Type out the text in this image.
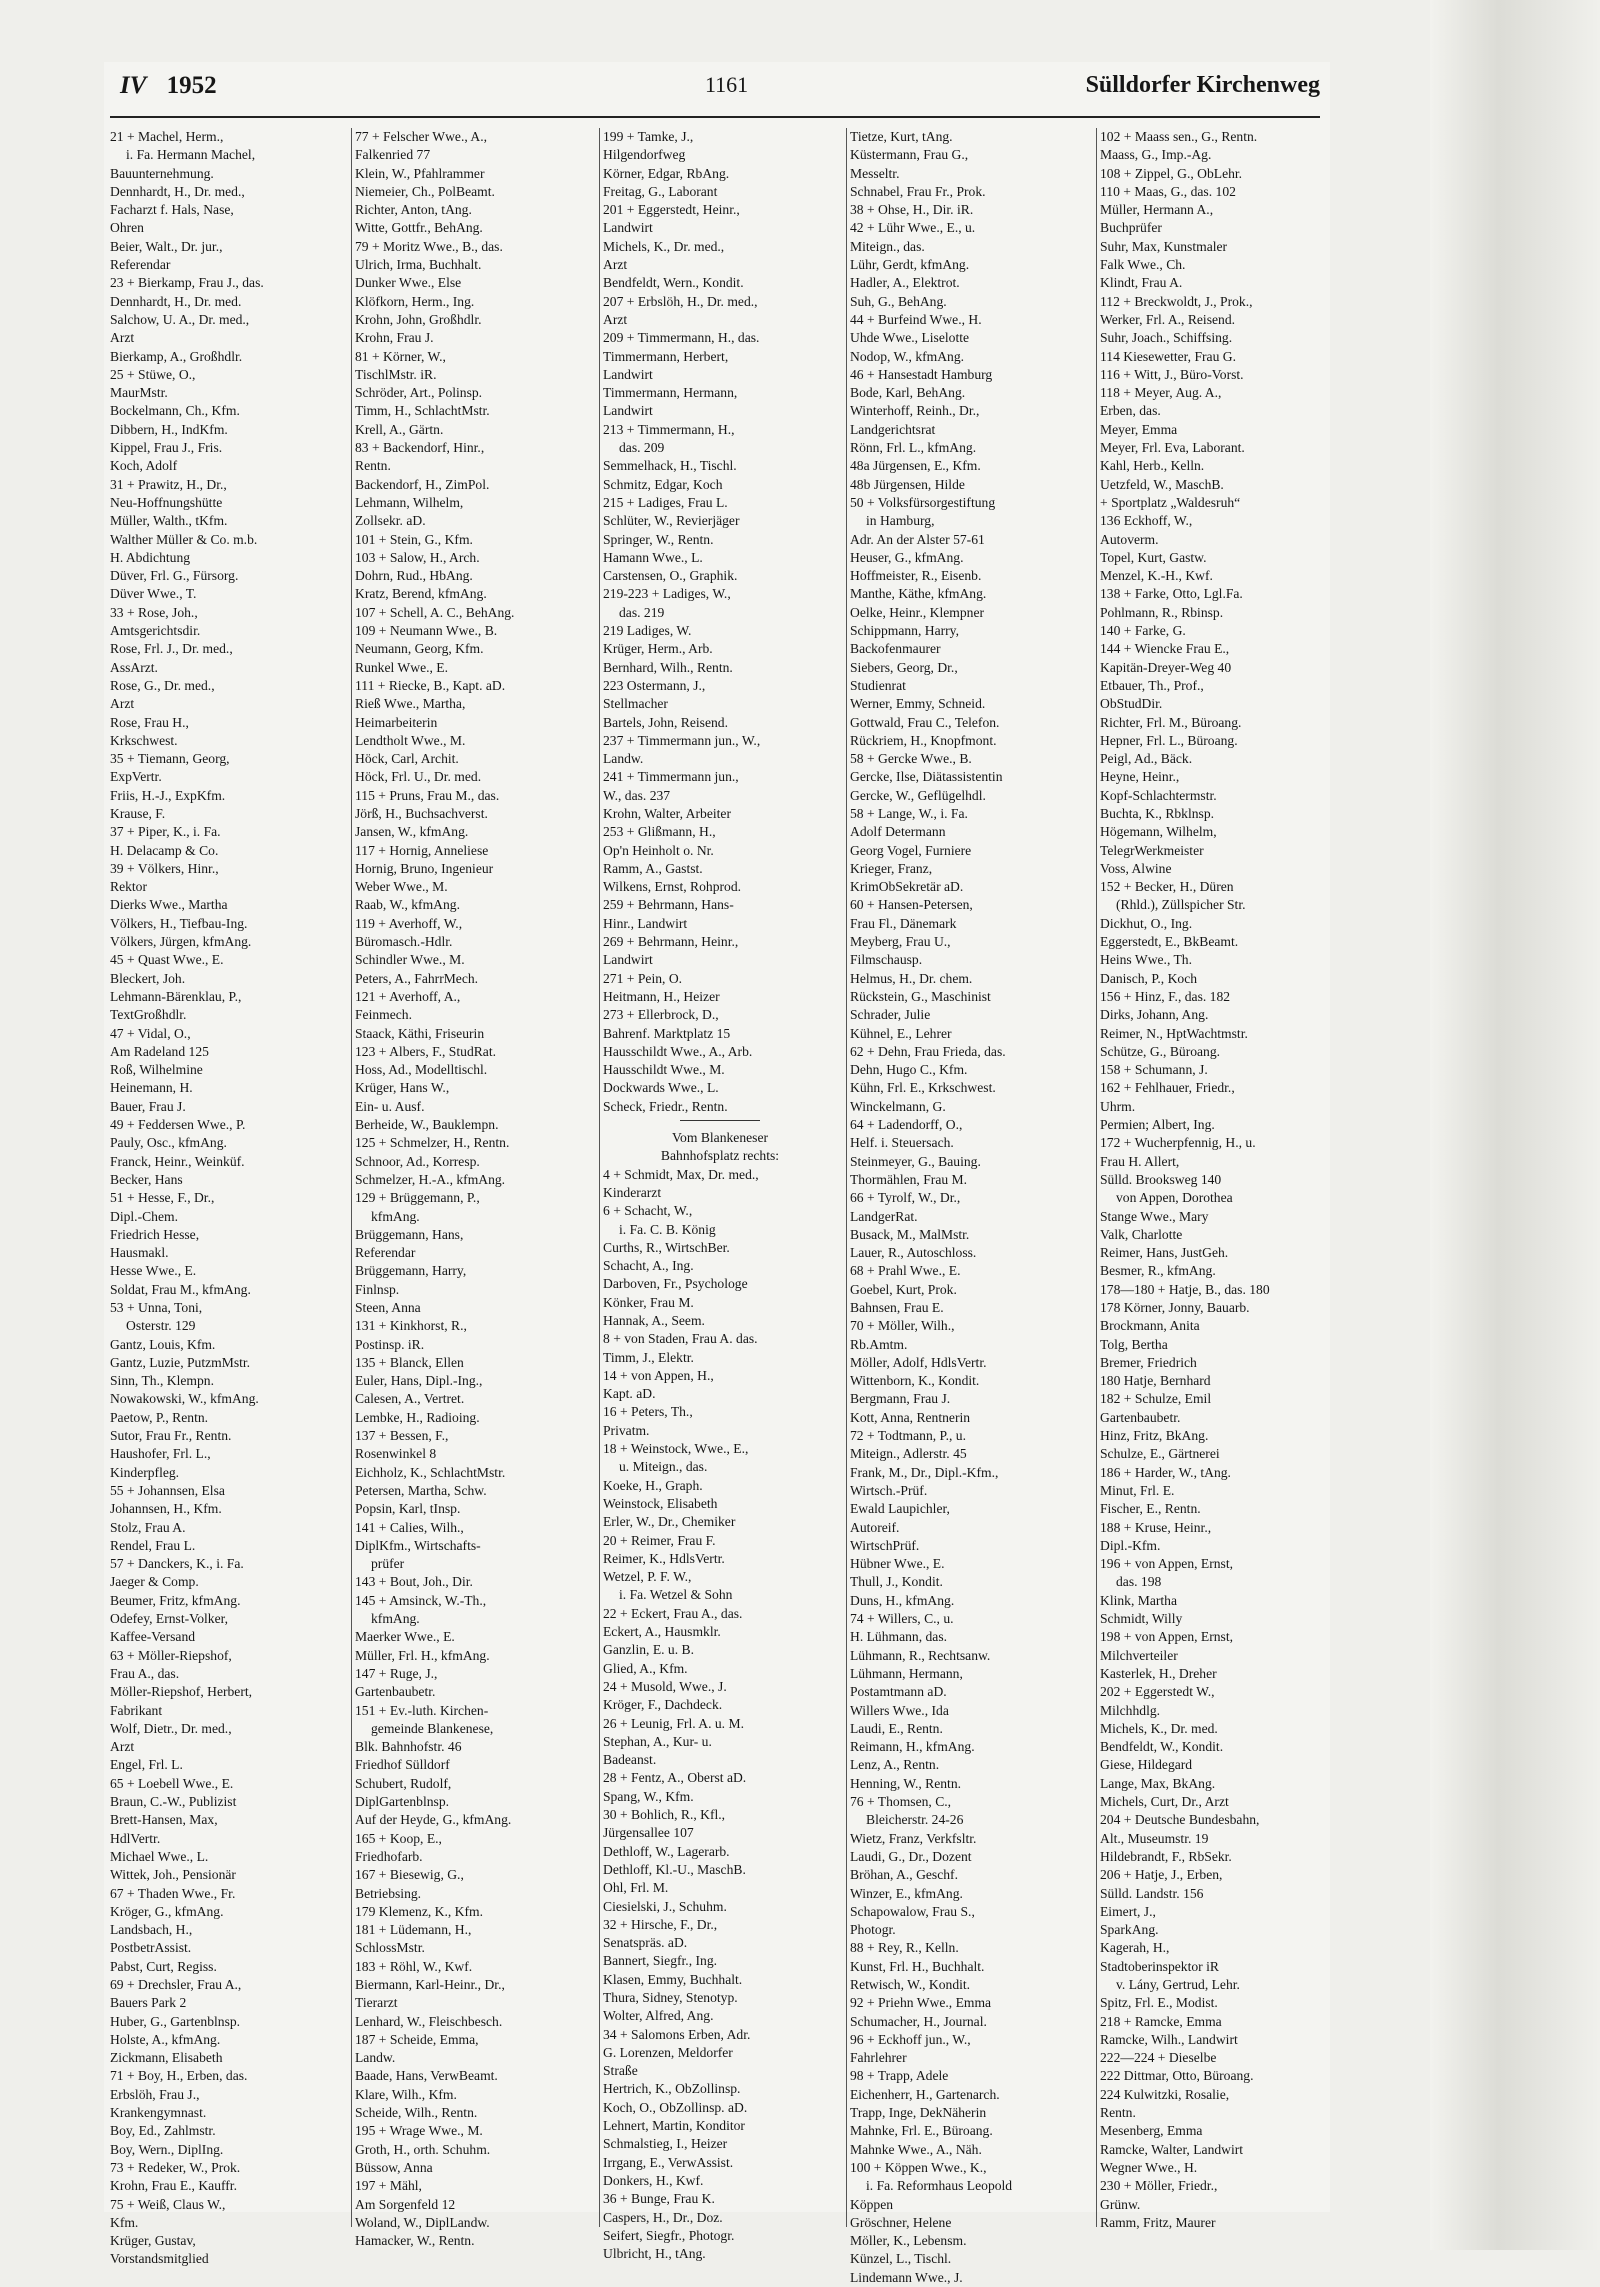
IV 1952	1161	Sülldorfer Kirchenweg
21 + Machel, Herm.,
i. Fa. Hermann Machel,
Bauunternehmung.
Dennhardt, H., Dr. med.,
Facharzt f. Hals, Nase,
Ohren
Beier, Walt., Dr. jur.,
Referendar
23 + Bierkamp, Frau J., das.
Dennhardt, H., Dr. med.
Salchow, U. A., Dr. med.,
Arzt
Bierkamp, A., Großhdlr.
25 + Stüwe, O.,
MaurMstr.
Bockelmann, Ch., Kfm.
Dibbern, H., IndKfm.
Kippel, Frau J., Fris.
Koch, Adolf
31 + Prawitz, H., Dr.,
Neu-Hoffnungshütte
Müller, Walth., tKfm.
Walther Müller & Co. m.b.
H. Abdichtung
Düver, Frl. G., Fürsorg.
Düver Wwe., T.
33 + Rose, Joh.,
Amtsgerichtsdir.
Rose, Frl. J., Dr. med.,
AssArzt.
Rose, G., Dr. med.,
Arzt
Rose, Frau H.,
Krkschwest.
35 + Tiemann, Georg,
ExpVertr.
Friis, H.-J., ExpKfm.
Krause, F.
37 + Piper, K., i. Fa.
H. Delacamp & Co.
39 + Völkers, Hinr.,
Rektor
Dierks Wwe., Martha
Völkers, H., Tiefbau-Ing.
Völkers, Jürgen, kfmAng.
45 + Quast Wwe., E.
Bleckert, Joh.
Lehmann-Bärenklau, P.,
TextGroßhdlr.
47 + Vidal, O.,
Am Radeland 125
Roß, Wilhelmine
Heinemann, H.
Bauer, Frau J.
49 + Feddersen Wwe., P.
Pauly, Osc., kfmAng.
Franck, Heinr., Weinküf.
Becker, Hans
51 + Hesse, F., Dr.,
Dipl.-Chem.
Friedrich Hesse,
Hausmakl.
Hesse Wwe., E.
Soldat, Frau M., kfmAng.
53 + Unna, Toni,
Osterstr. 129
Gantz, Louis, Kfm.
Gantz, Luzie, PutzmMstr.
Sinn, Th., Klempn.
Nowakowski, W., kfmAng.
Paetow, P., Rentn.
Sutor, Frau Fr., Rentn.
Haushofer, Frl. L.,
Kinderpfleg.
55 + Johannsen, Elsa
Johannsen, H., Kfm.
Stolz, Frau A.
Rendel, Frau L.
57 + Danckers, K., i. Fa.
Jaeger & Comp.
Beumer, Fritz, kfmAng.
Odefey, Ernst-Volker,
Kaffee-Versand
63 + Möller-Riepshof,
Frau A., das.
Möller-Riepshof, Herbert,
Fabrikant
Wolf, Dietr., Dr. med.,
Arzt
Engel, Frl. L.
65 + Loebell Wwe., E.
Braun, C.-W., Publizist
Brett-Hansen, Max,
HdlVertr.
Michael Wwe., L.
Wittek, Joh., Pensionär
67 + Thaden Wwe., Fr.
Kröger, G., kfmAng.
Landsbach, H.,
PostbetrAssist.
Pabst, Curt, Regiss.
69 + Drechsler, Frau A.,
Bauers Park 2
Huber, G., Gartenblnsp.
Holste, A., kfmAng.
Zickmann, Elisabeth
71 + Boy, H., Erben, das.
Erbslöh, Frau J.,
Krankengymnast.
Boy, Ed., Zahlmstr.
Boy, Wern., DiplIng.
73 + Redeker, W., Prok.
Krohn, Frau E., Kauffr.
75 + Weiß, Claus W.,
Kfm.
Krüger, Gustav,
Vorstandsmitglied
77 + Felscher Wwe., A.,
Falkenried 77
Klein, W., Pfahlrammer
Niemeier, Ch., PolBeamt.
Richter, Anton, tAng.
Witte, Gottfr., BehAng.
79 + Moritz Wwe., B., das.
Ulrich, Irma, Buchhalt.
Dunker Wwe., Else
Klöfkorn, Herm., Ing.
Krohn, John, Großhdlr.
Krohn, Frau J.
81 + Körner, W.,
TischlMstr. iR.
Schröder, Art., Polinsp.
Timm, H., SchlachtMstr.
Krell, A., Gärtn.
83 + Backendorf, Hinr.,
Rentn.
Backendorf, H., ZimPol.
Lehmann, Wilhelm,
Zollsekr. aD.
101 + Stein, G., Kfm.
103 + Salow, H., Arch.
Dohrn, Rud., HbAng.
Kratz, Berend, kfmAng.
107 + Schell, A. C., BehAng.
109 + Neumann Wwe., B.
Neumann, Georg, Kfm.
Runkel Wwe., E.
111 + Riecke, B., Kapt. aD.
Rieß Wwe., Martha,
Heimarbeiterin
Lendtholt Wwe., M.
Höck, Carl, Archit.
Höck, Frl. U., Dr. med.
115 + Pruns, Frau M., das.
Jörß, H., Buchsachverst.
Jansen, W., kfmAng.
117 + Hornig, Anneliese
Hornig, Bruno, Ingenieur
Weber Wwe., M.
Raab, W., kfmAng.
119 + Averhoff, W.,
Büromasch.-Hdlr.
Schindler Wwe., M.
Peters, A., FahrrMech.
121 + Averhoff, A.,
Feinmech.
Staack, Käthi, Friseurin
123 + Albers, F., StudRat.
Hoss, Ad., Modelltischl.
Krüger, Hans W.,
Ein- u. Ausf.
Berheide, W., Bauklempn.
125 + Schmelzer, H., Rentn.
Schnoor, Ad., Korresp.
Schmelzer, H.-A., kfmAng.
129 + Brüggemann, P.,
kfmAng.
Brüggemann, Hans,
Referendar
Brüggemann, Harry,
Finlnsp.
Steen, Anna
131 + Kinkhorst, R.,
Postinsp. iR.
135 + Blanck, Ellen
Euler, Hans, Dipl.-Ing.,
Calesen, A., Vertret.
Lembke, H., Radioing.
137 + Bessen, F.,
Rosenwinkel 8
Eichholz, K., SchlachtMstr.
Petersen, Martha, Schw.
Popsin, Karl, tInsp.
141 + Calies, Wilh.,
DiplKfm., Wirtschafts-
prüfer
143 + Bout, Joh., Dir.
145 + Amsinck, W.-Th.,
kfmAng.
Maerker Wwe., E.
Müller, Frl. H., kfmAng.
147 + Ruge, J.,
Gartenbaubetr.
151 + Ev.-luth. Kirchen-
gemeinde Blankenese,
Blk. Bahnhofstr. 46
Friedhof Sülldorf
Schubert, Rudolf,
DiplGartenblnsp.
Auf der Heyde, G., kfmAng.
165 + Koop, E.,
Friedhofarb.
167 + Biesewig, G.,
Betriebsing.
179 Klemenz, K., Kfm.
181 + Lüdemann, H.,
SchlossMstr.
183 + Röhl, W., Kwf.
Biermann, Karl-Heinr., Dr.,
Tierarzt
Lenhard, W., Fleischbesch.
187 + Scheide, Emma,
Landw.
Baade, Hans, VerwBeamt.
Klare, Wilh., Kfm.
Scheide, Wilh., Rentn.
195 + Wrage Wwe., M.
Groth, H., orth. Schuhm.
Büssow, Anna
197 + Mähl,
Am Sorgenfeld 12
Woland, W., DiplLandw.
Hamacker, W., Rentn.
199 + Tamke, J.,
Hilgendorfweg
Körner, Edgar, RbAng.
Freitag, G., Laborant
201 + Eggerstedt, Heinr.,
Landwirt
Michels, K., Dr. med.,
Arzt
Bendfeldt, Wern., Kondit.
207 + Erbslöh, H., Dr. med.,
Arzt
209 + Timmermann, H., das.
Timmermann, Herbert,
Landwirt
Timmermann, Hermann,
Landwirt
213 + Timmermann, H.,
das. 209
Semmelhack, H., Tischl.
Schmitz, Edgar, Koch
215 + Ladiges, Frau L.
Schlüter, W., Revierjäger
Springer, W., Rentn.
Hamann Wwe., L.
Carstensen, O., Graphik.
219-223 + Ladiges, W.,
das. 219
219 Ladiges, W.
Krüger, Herm., Arb.
Bernhard, Wilh., Rentn.
223 Ostermann, J.,
Stellmacher
Bartels, John, Reisend.
237 + Timmermann jun., W.,
Landw.
241 + Timmermann jun.,
W., das. 237
Krohn, Walter, Arbeiter
253 + Glißmann, H.,
Op'n Heinholt o. Nr.
Ramm, A., Gastst.
Wilkens, Ernst, Rohprod.
259 + Behrmann, Hans-
Hinr., Landwirt
269 + Behrmann, Heinr.,
Landwirt
271 + Pein, O.
Heitmann, H., Heizer
273 + Ellerbrock, D.,
Bahrenf. Marktplatz 15
Hausschildt Wwe., A., Arb.
Hausschildt Wwe., M.
Dockwards Wwe., L.
Scheck, Friedr., Rentn.
Vom Blankeneser
Bahnhofsplatz rechts:
4 + Schmidt, Max, Dr. med.,
Kinderarzt
6 + Schacht, W.,
i. Fa. C. B. König
Curths, R., WirtschBer.
Schacht, A., Ing.
Darboven, Fr., Psychologe
Könker, Frau M.
Hannak, A., Seem.
8 + von Staden, Frau A. das.
Timm, J., Elektr.
14 + von Appen, H.,
Kapt. aD.
16 + Peters, Th.,
Privatm.
18 + Weinstock, Wwe., E.,
u. Miteign., das.
Koeke, H., Graph.
Weinstock, Elisabeth
Erler, W., Dr., Chemiker
20 + Reimer, Frau F.
Reimer, K., HdlsVertr.
Wetzel, P. F. W.,
i. Fa. Wetzel & Sohn
22 + Eckert, Frau A., das.
Eckert, A., Hausmklr.
Ganzlin, E. u. B.
Glied, A., Kfm.
24 + Musold, Wwe., J.
Kröger, F., Dachdeck.
26 + Leunig, Frl. A. u. M.
Stephan, A., Kur- u.
Badeanst.
28 + Fentz, A., Oberst aD.
Spang, W., Kfm.
30 + Bohlich, R., Kfl.,
Jürgensallee 107
Dethloff, W., Lagerarb.
Dethloff, Kl.-U., MaschB.
Ohl, Frl. M.
Ciesielski, J., Schuhm.
32 + Hirsche, F., Dr.,
Senatspräs. aD.
Bannert, Siegfr., Ing.
Klasen, Emmy, Buchhalt.
Thura, Sidney, Stenotyp.
Wolter, Alfred, Ang.
34 + Salomons Erben, Adr.
G. Lorenzen, Meldorfer
Straße
Hertrich, K., ObZollinsp.
Koch, O., ObZollinsp. aD.
Lehnert, Martin, Konditor
Schmalstieg, I., Heizer
Irrgang, E., VerwAssist.
Donkers, H., Kwf.
36 + Bunge, Frau K.
Caspers, H., Dr., Doz.
Seifert, Siegfr., Photogr.
Ulbricht, H., tAng.
Tietze, Kurt, tAng.
Küstermann, Frau G.,
Messeltr.
Schnabel, Frau Fr., Prok.
38 + Ohse, H., Dir. iR.
42 + Lühr Wwe., E., u.
Miteign., das.
Lühr, Gerdt, kfmAng.
Hadler, A., Elektrot.
Suh, G., BehAng.
44 + Burfeind Wwe., H.
Uhde Wwe., Liselotte
Nodop, W., kfmAng.
46 + Hansestadt Hamburg
Bode, Karl, BehAng.
Winterhoff, Reinh., Dr.,
Landgerichtsrat
Rönn, Frl. L., kfmAng.
48a Jürgensen, E., Kfm.
48b Jürgensen, Hilde
50 + Volksfürsorgestiftung
in Hamburg,
Adr. An der Alster 57-61
Heuser, G., kfmAng.
Hoffmeister, R., Eisenb.
Manthe, Käthe, kfmAng.
Oelke, Heinr., Klempner
Schippmann, Harry,
Backofenmaurer
Siebers, Georg, Dr.,
Studienrat
Werner, Emmy, Schneid.
Gottwald, Frau C., Telefon.
Rückriem, H., Knopfmont.
58 + Gercke Wwe., B.
Gercke, Ilse, Diätassistentin
Gercke, W., Geflügelhdl.
58 + Lange, W., i. Fa.
Adolf Determann
Georg Vogel, Furniere
Krieger, Franz,
KrimObSekretär aD.
60 + Hansen-Petersen,
Frau Fl., Dänemark
Meyberg, Frau U.,
Filmschausp.
Helmus, H., Dr. chem.
Rückstein, G., Maschinist
Schrader, Julie
Kühnel, E., Lehrer
62 + Dehn, Frau Frieda, das.
Dehn, Hugo C., Kfm.
Kühn, Frl. E., Krkschwest.
Winckelmann, G.
64 + Ladendorff, O.,
Helf. i. Steuersach.
Steinmeyer, G., Bauing.
Thormählen, Frau M.
66 + Tyrolf, W., Dr.,
LandgerRat.
Busack, M., MalMstr.
Lauer, R., Autoschloss.
68 + Prahl Wwe., E.
Goebel, Kurt, Prok.
Bahnsen, Frau E.
70 + Möller, Wilh.,
Rb.Amtm.
Möller, Adolf, HdlsVertr.
Wittenborn, K., Kondit.
Bergmann, Frau J.
Kott, Anna, Rentnerin
72 + Todtmann, P., u.
Miteign., Adlerstr. 45
Frank, M., Dr., Dipl.-Kfm.,
Wirtsch.-Prüf.
Ewald Laupichler,
Autoreif.
WirtschPrüf.
Hübner Wwe., E.
Thull, J., Kondit.
Duns, H., kfmAng.
74 + Willers, C., u.
H. Lühmann, das.
Lühmann, R., Rechtsanw.
Lühmann, Hermann,
Postamtmann aD.
Willers Wwe., Ida
Laudi, E., Rentn.
Reimann, H., kfmAng.
Lenz, A., Rentn.
Henning, W., Rentn.
76 + Thomsen, C.,
Bleicherstr. 24-26
Wietz, Franz, Verkfsltr.
Laudi, G., Dr., Dozent
Bröhan, A., Geschf.
Winzer, E., kfmAng.
Schapowalow, Frau S.,
Photogr.
88 + Rey, R., Kelln.
Kunst, Frl. H., Buchhalt.
Retwisch, W., Kondit.
92 + Priehn Wwe., Emma
Schumacher, H., Journal.
96 + Eckhoff jun., W.,
Fahrlehrer
98 + Trapp, Adele
Eichenherr, H., Gartenarch.
Trapp, Inge, DekNäherin
Mahnke, Frl. E., Büroang.
Mahnke Wwe., A., Näh.
100 + Köppen Wwe., K.,
i. Fa. Reformhaus Leopold
Köppen
Gröschner, Helene
Möller, K., Lebensm.
Künzel, L., Tischl.
Lindemann Wwe., J.
102 + Maass sen., G., Rentn.
Maass, G., Imp.-Ag.
108 + Zippel, G., ObLehr.
110 + Maas, G., das. 102
Müller, Hermann A.,
Buchprüfer
Suhr, Max, Kunstmaler
Falk Wwe., Ch.
Klindt, Frau A.
112 + Breckwoldt, J., Prok.,
Werker, Frl. A., Reisend.
Suhr, Joach., Schiffsing.
114 Kiesewetter, Frau G.
116 + Witt, J., Büro-Vorst.
118 + Meyer, Aug. A.,
Erben, das.
Meyer, Emma
Meyer, Frl. Eva, Laborant.
Kahl, Herb., Kelln.
Uetzfeld, W., MaschB.
+ Sportplatz „Waldesruh“
136 Eckhoff, W.,
Autoverm.
Topel, Kurt, Gastw.
Menzel, K.-H., Kwf.
138 + Farke, Otto, Lgl.Fa.
Pohlmann, R., Rbinsp.
140 + Farke, G.
144 + Wiencke Frau E.,
Kapitän-Dreyer-Weg 40
Etbauer, Th., Prof.,
ObStudDir.
Richter, Frl. M., Büroang.
Hepner, Frl. L., Büroang.
Peigl, Ad., Bäck.
Heyne, Heinr.,
Kopf-Schlachtermstr.
Buchta, K., Rbklnsp.
Högemann, Wilhelm,
TelegrWerkmeister
Voss, Alwine
152 + Becker, H., Düren
(Rhld.), Züllspicher Str.
Dickhut, O., Ing.
Eggerstedt, E., BkBeamt.
Heins Wwe., Th.
Danisch, P., Koch
156 + Hinz, F., das. 182
Dirks, Johann, Ang.
Reimer, N., HptWachtmstr.
Schütze, G., Büroang.
158 + Schumann, J.
162 + Fehlhauer, Friedr.,
Uhrm.
Permien; Albert, Ing.
172 + Wucherpfennig, H., u.
Frau H. Allert,
Sülld. Brooksweg 140
von Appen, Dorothea
Stange Wwe., Mary
Valk, Charlotte
Reimer, Hans, JustGeh.
Besmer, R., kfmAng.
178—180 + Hatje, B., das. 180
178 Körner, Jonny, Bauarb.
Brockmann, Anita
Tolg, Bertha
Bremer, Friedrich
180 Hatje, Bernhard
182 + Schulze, Emil
Gartenbaubetr.
Hinz, Fritz, BkAng.
Schulze, E., Gärtnerei
186 + Harder, W., tAng.
Minut, Frl. E.
Fischer, E., Rentn.
188 + Kruse, Heinr.,
Dipl.-Kfm.
196 + von Appen, Ernst,
das. 198
Klink, Martha
Schmidt, Willy
198 + von Appen, Ernst,
Milchverteiler
Kasterlek, H., Dreher
202 + Eggerstedt W.,
Milchhdlg.
Michels, K., Dr. med.
Bendfeldt, W., Kondit.
Giese, Hildegard
Lange, Max, BkAng.
Michels, Curt, Dr., Arzt
204 + Deutsche Bundesbahn,
Alt., Museumstr. 19
Hildebrandt, F., RbSekr.
206 + Hatje, J., Erben,
Sülld. Landstr. 156
Eimert, J.,
SparkAng.
Kagerah, H.,
Stadtoberinspektor iR
v. Lány, Gertrud, Lehr.
Spitz, Frl. E., Modist.
218 + Ramcke, Emma
Ramcke, Wilh., Landwirt
222—224 + Dieselbe
222 Dittmar, Otto, Büroang.
224 Kulwitzki, Rosalie,
Rentn.
Mesenberg, Emma
Ramcke, Walter, Landwirt
Wegner Wwe., H.
230 + Möller, Friedr.,
Grünw.
Ramm, Fritz, Maurer
